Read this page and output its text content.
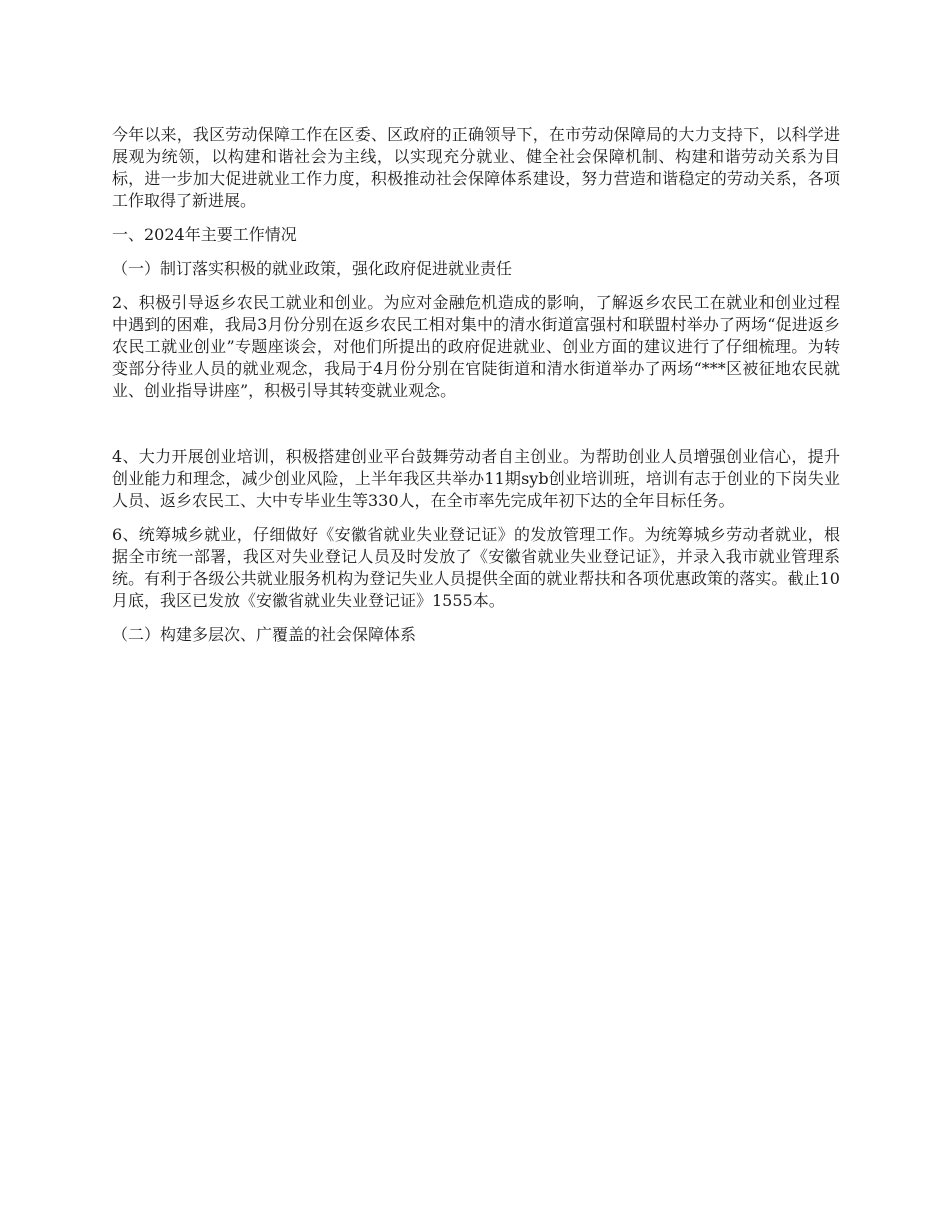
今年以来，我区劳动保障工作在区委、区政府的正确领导下，在市劳动保障局的大力支持下，以科学进展观为统领，以构建和谐社会为主线，以实现充分就业、健全社会保障机制、构建和谐劳动关系为目标，进一步加大促进就业工作力度，积极推动社会保障体系建设，努力营造和谐稳定的劳动关系，各项工作取得了新进展。

一、2024年主要工作情况

（一）制订落实积极的就业政策，强化政府促进就业责任

2、积极引导返乡农民工就业和创业。为应对金融危机造成的影响，了解返乡农民工在就业和创业过程中遇到的困难，我局3月份分别在返乡农民工相对集中的清水街道富强村和联盟村举办了两场“促进返乡农民工就业创业”专题座谈会，对他们所提出的政府促进就业、创业方面的建议进行了仔细梳理。为转变部分待业人员的就业观念，我局于4月份分别在官陡街道和清水街道举办了两场“***区被征地农民就业、创业指导讲座”，积极引导其转变就业观念。

4、大力开展创业培训，积极搭建创业平台鼓舞劳动者自主创业。为帮助创业人员增强创业信心，提升创业能力和理念，减少创业风险，上半年我区共举办11期syb创业培训班，培训有志于创业的下岗失业人员、返乡农民工、大中专毕业生等330人，在全市率先完成年初下达的全年目标任务。

6、统筹城乡就业，仔细做好《安徽省就业失业登记证》的发放管理工作。为统筹城乡劳动者就业，根据全市统一部署，我区对失业登记人员及时发放了《安徽省就业失业登记证》，并录入我市就业管理系统。有利于各级公共就业服务机构为登记失业人员提供全面的就业帮扶和各项优惠政策的落实。截止10月底，我区已发放《安徽省就业失业登记证》1555本。

（二）构建多层次、广覆盖的社会保障体系
